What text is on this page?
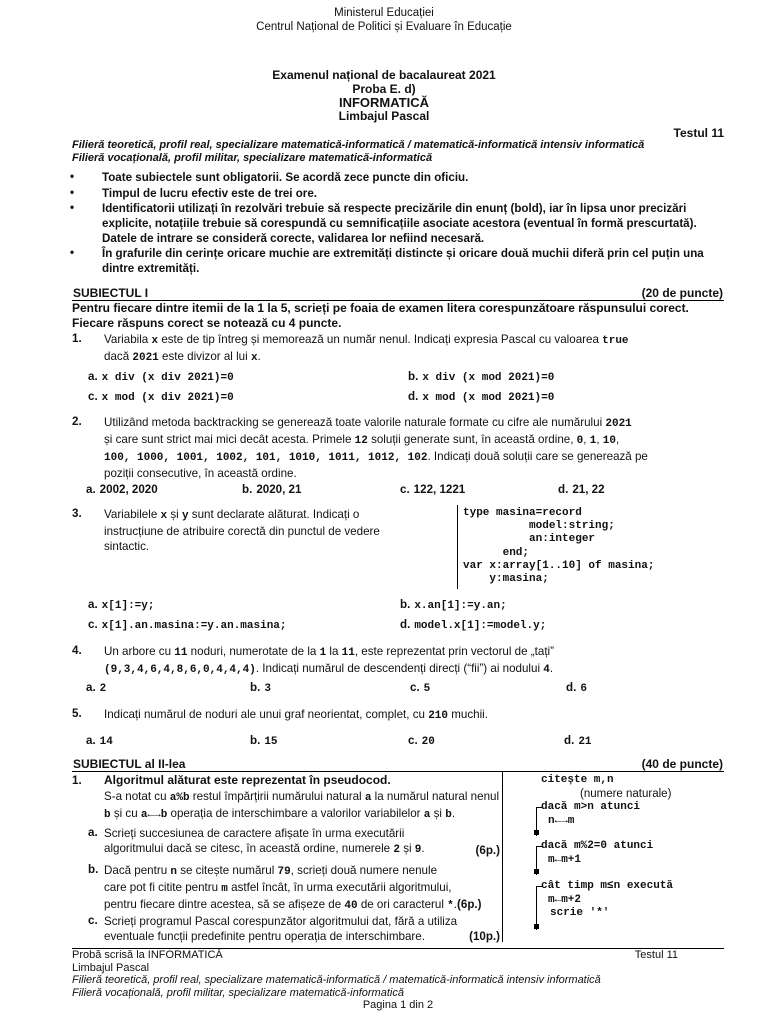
Ministerul Educației
Centrul Național de Politici și Evaluare în Educație
Examenul național de bacalaureat 2021
Proba E. d)
INFORMATICĂ
Limbajul Pascal
Testul 11
Filieră teoretică, profil real, specializare matematică-informatică / matematică-informatică intensiv informatică
Filieră vocațională, profil militar, specializare matematică-informatică
• Toate subiectele sunt obligatorii. Se acordă zece puncte din oficiu.
• Timpul de lucru efectiv este de trei ore.
• Identificatorii utilizați în rezolvări trebuie să respecte precizările din enunț (bold), iar în lipsa unor precizări explicite, notațiile trebuie să corespundă cu semnificațiile asociate acestora (eventual în formă prescurtată). Datele de intrare se consideră corecte, validarea lor nefiind necesară.
• În grafurile din cerințe oricare muchie are extremități distincte și oricare două muchii diferă prin cel puțin una dintre extremități.
SUBIECTUL I	(20 de puncte)
Pentru fiecare dintre itemii de la 1 la 5, scrieți pe foaia de examen litera corespunzătoare răspunsului corect. Fiecare răspuns corect se notează cu 4 puncte.
1. Variabila x este de tip întreg și memorează un număr nenul. Indicați expresia Pascal cu valoarea true
dacă 2021 este divizor al lui x.
a. x div (x div 2021)=0	b. x div (x mod 2021)=0
c. x mod (x div 2021)=0	d. x mod (x mod 2021)=0
2. Utilizând metoda backtracking se generează toate valorile naturale formate cu cifre ale numărului 2021
și care sunt strict mai mici decât acesta. Primele 12 soluții generate sunt, în această ordine, 0, 1, 10,
100, 1000, 1001, 1002, 101, 1010, 1011, 1012, 102. Indicați două soluții care se generează pe
poziții consecutive, în această ordine.
a. 2002, 2020	b. 2020, 21	c. 122, 1221	d. 21, 22
3. Variabilele x și y sunt declarate alăturat. Indicați o
instrucțiune de atribuire corectă din punctul de vedere
sintactic.
type masina=record
model:string;
an:integer
end;
var x:array[1..10] of masina;
y:masina;
a. x[1]:=y;	b. x.an[1]:=y.an;
c. x[1].an.masina:=y.an.masina;	d. model.x[1]:=model.y;
4. Un arbore cu 11 noduri, numerotate de la 1 la 11, este reprezentat prin vectorul de „tați”
(9,3,4,6,4,8,6,0,4,4,4). Indicați numărul de descendenți direcți (“fii”) ai nodului 4.
a. 2	b. 3	c. 5	d. 6
5. Indicați numărul de noduri ale unui graf neorientat, complet, cu 210 muchii.
a. 14	b. 15	c. 20	d. 21
SUBIECTUL al II-lea	(40 de puncte)
1. Algoritmul alăturat este reprezentat în pseudocod.
S-a notat cu a%b restul împărțirii numărului natural a la numărul natural nenul
b și cu a←→b operația de interschimbare a valorilor variabilelor a și b.
a. Scrieți succesiunea de caractere afișate în urma executării
algoritmului dacă se citesc, în această ordine, numerele 2 și 9.	(6p.)
b. Dacă pentru n se citește numărul 79, scrieți două numere nenule
care pot fi citite pentru m astfel încât, în urma executării algoritmului,
pentru fiecare dintre acestea, să se afișeze de 40 de ori caracterul *.(6p.)
c. Scrieți programul Pascal corespunzător algoritmului dat, fără a utiliza
eventuale funcții predefinite pentru operația de interschimbare.	(10p.)
citește m,n
(numere naturale)
dacă m>n atunci
n←→m
dacă m%2=0 atunci
m←m+1
cât timp m≤n execută
m←m+2
scrie '*'
Probă scrisă la INFORMATICĂ
Limbajul Pascal
Filieră teoretică, profil real, specializare matematică-informatică / matematică-informatică intensiv informatică
Filieră vocațională, profil militar, specializare matematică-informatică
Pagina 1 din 2
Testul 11
